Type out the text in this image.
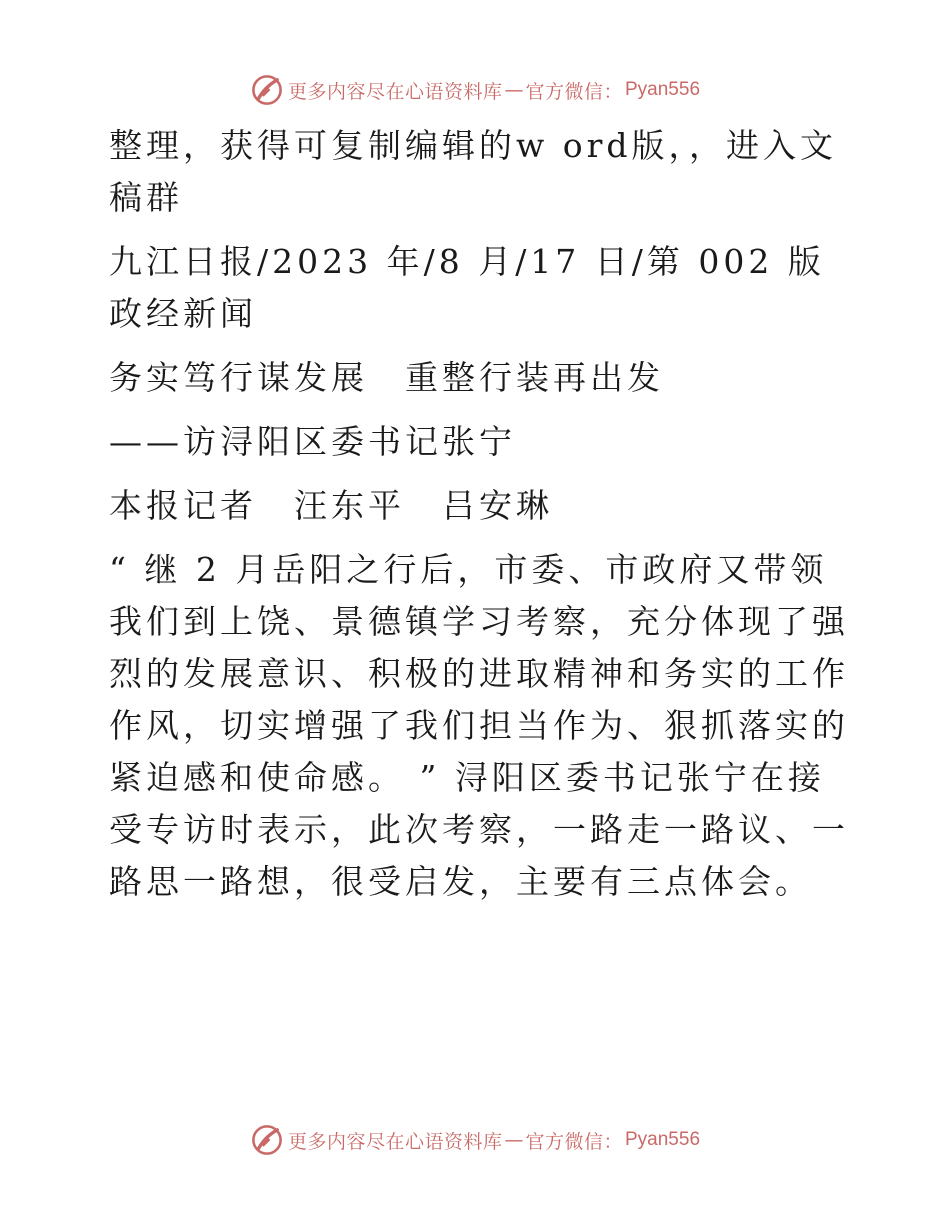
更多内容尽在心语资料库 — 官方微信： Pyan556

整理，获得可复制编辑的w ord版，，进入文稿群

九江日报/2023 年/8 月/17 日/第 002 版政经新闻

务实笃行谋发展　重整行装再出发

——访浔阳区委书记张宁

本报记者　汪东平　吕安琳

“ 继 2 月岳阳之行后，市委、市政府又带领我们到上饶、景德镇学习考察，充分体现了强烈的发展意识、积极的进取精神和务实的工作作风，切实增强了我们担当作为、狠抓落实的紧迫感和使命感。 ” 浔阳区委书记张宁在接受专访时表示，此次考察，一路走一路议、一路思一路想，很受启发，主要有三点体会。

更多内容尽在心语资料库 — 官方微信： Pyan556
